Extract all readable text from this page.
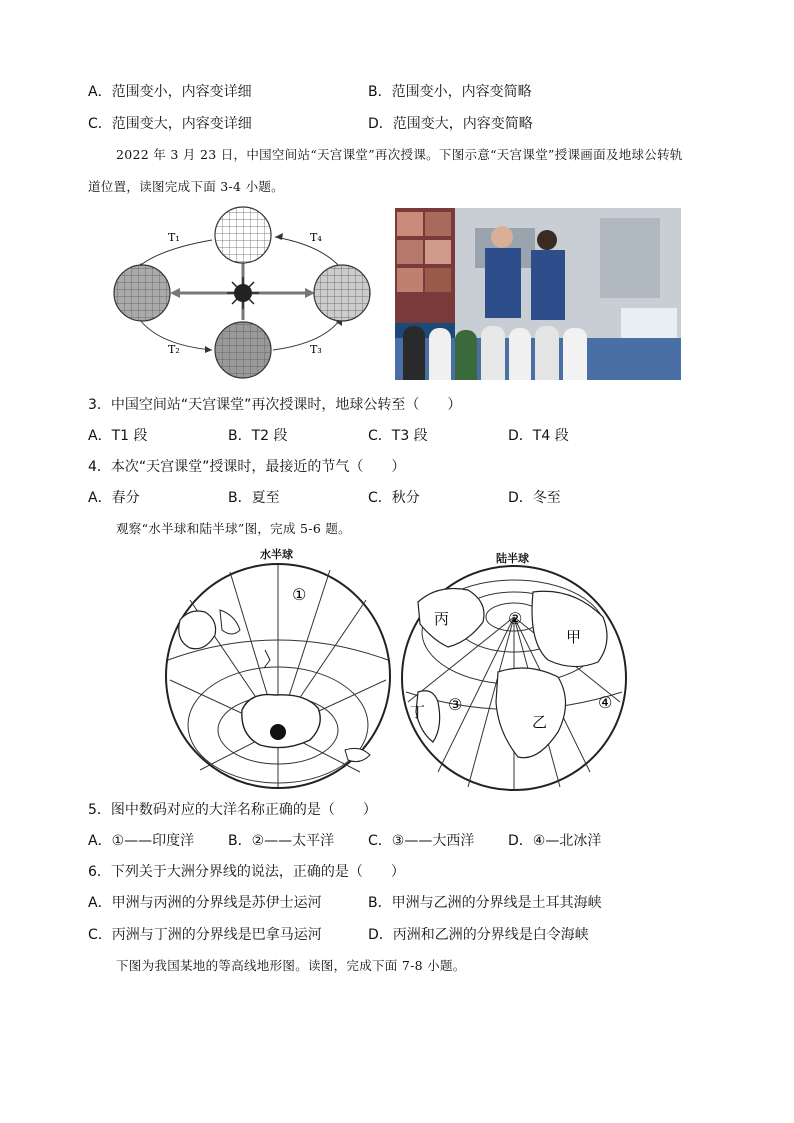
A．范围变小，内容变详细	B．范围变小，内容变简略
C．范围变大，内容变详细	D．范围变大，内容变简略
2022 年 3 月 23 日，中国空间站“天宫课堂”再次授课。下图示意“天宫课堂”授课画面及地球公转轨
道位置，读图完成下面 3-4 小题。
T₁	T₄
T₂	T₃
3．中国空间站“天宫课堂”再次授课时，地球公转至（　　）
A．T1 段	B．T2 段	C．T3 段	D．T4 段
4．本次“天宫课堂”授课时，最接近的节气（　　）
A．春分	B．夏至	C．秋分	D．冬至
观察“水半球和陆半球”图，完成 5-6 题。
水半球	陆半球
①
丙	②
甲
丁 ③
乙
④
5．图中数码对应的大洋名称正确的是（　　）
A．①——印度洋 B．②——太平洋 C．③——大西洋 D．④—北冰洋
6．下列关于大洲分界线的说法，正确的是（　　）
A．甲洲与丙洲的分界线是苏伊士运河	B．甲洲与乙洲的分界线是土耳其海峡
C．丙洲与丁洲的分界线是巴拿马运河	D．丙洲和乙洲的分界线是白令海峡
下图为我国某地的等高线地形图。读图，完成下面 7-8 小题。
